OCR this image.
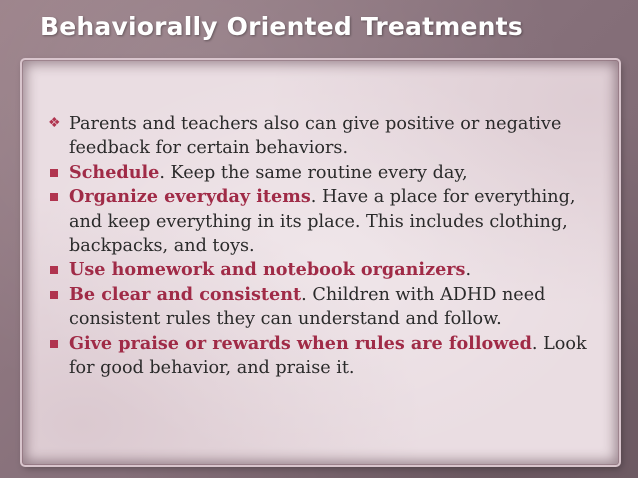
Behaviorally Oriented Treatments
❖ Parents and teachers also can give positive or negative feedback for certain behaviors.
Schedule. Keep the same routine every day,
Organize everyday items. Have a place for everything, and keep everything in its place. This includes clothing, backpacks, and toys.
Use homework and notebook organizers.
Be clear and consistent. Children with ADHD need consistent rules they can understand and follow.
Give praise or rewards when rules are followed. Look for good behavior, and praise it.
